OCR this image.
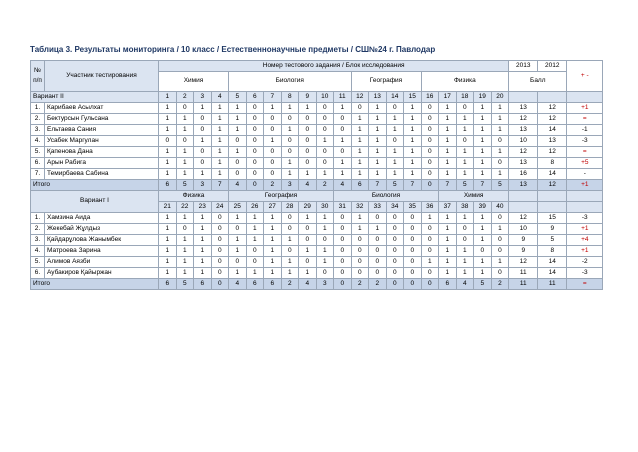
Таблица 3. Результаты мониторинга / 10 класс / Естественнонаучные предметы / СШ№24 г. Павлодар
№ п/п	Участник тестирования	Номер тестового задания / Блок исследования																				2013	2012	+ -
		Химия				Биология							География				Физика					Балл		
Вариант II		1	2	3	4	5	6	7	8	9	10	11	12	13	14	15	16	17	18	19	20			
1.	Карибаев Асылхат	1	0	1	1	1	0	1	1	1	0	1	0	1	0	1	0	1	0	1	1	13	12	+1
2.	Бектурсын Гульсана	1	1	0	1	1	0	0	0	0	0	0	1	1	1	1	0	1	1	1	1	12	12	=
3.	Ельтаева Сания	1	1	0	1	1	0	0	1	0	0	0	1	1	1	1	0	1	1	1	1	13	14	-1
4.	Усабек Маргулан	0	0	1	1	0	0	1	0	0	1	1	1	1	0	1	0	1	0	1	0	10	13	-3
5.	Қапенова Дана	1	1	0	1	1	0	0	0	0	0	0	1	1	1	1	0	1	1	1	1	12	12	=
6.	Арын Рабига	1	1	0	1	0	0	0	1	0	0	1	1	1	1	1	0	1	1	1	0	13	8	+5
7.	Темирбаева Сабина	1	1	1	1	0	0	0	1	1	1	1	1	1	1	1	0	1	1	1	1	16	14	-
Итого		6	5	3	7	4	0	2	3	4	2	4	6	7	5	7	0	7	5	7	5	13	12	+1
Вариант I		Физика				География						Биология						Химия						
		21	22	23	24	25	26	27	28	29	30	31	32	33	34	35	36	37	38	39	40			
1.	Хамзина Аида	1	1	1	0	1	1	1	0	1	1	0	1	0	0	0	1	1	1	1	0	12	15	-3
2.	Жекебай Жұлдыз	1	0	1	0	0	1	1	0	0	1	0	1	1	0	0	0	1	0	1	1	10	9	+1
3.	Қайдарұлова Жанымбек	1	1	1	0	1	1	1	1	0	0	0	0	0	0	0	0	1	0	1	0	9	5	+4
4.	Матроева Зарина	1	1	1	0	1	0	1	0	1	1	0	0	0	0	0	0	1	1	0	0	9	8	+1
5.	Алимов Аязби	1	1	1	0	0	0	1	1	0	1	0	0	0	0	0	1	1	1	1	1	12	14	-2
6.	Аубакиров Қайыржан	1	1	1	0	1	1	1	1	1	0	0	0	0	0	0	0	1	1	1	0	11	14	-3
Итого		6	5	6	0	4	6	6	2	4	3	0	2	2	0	0	0	6	4	5	2	11	11	=
